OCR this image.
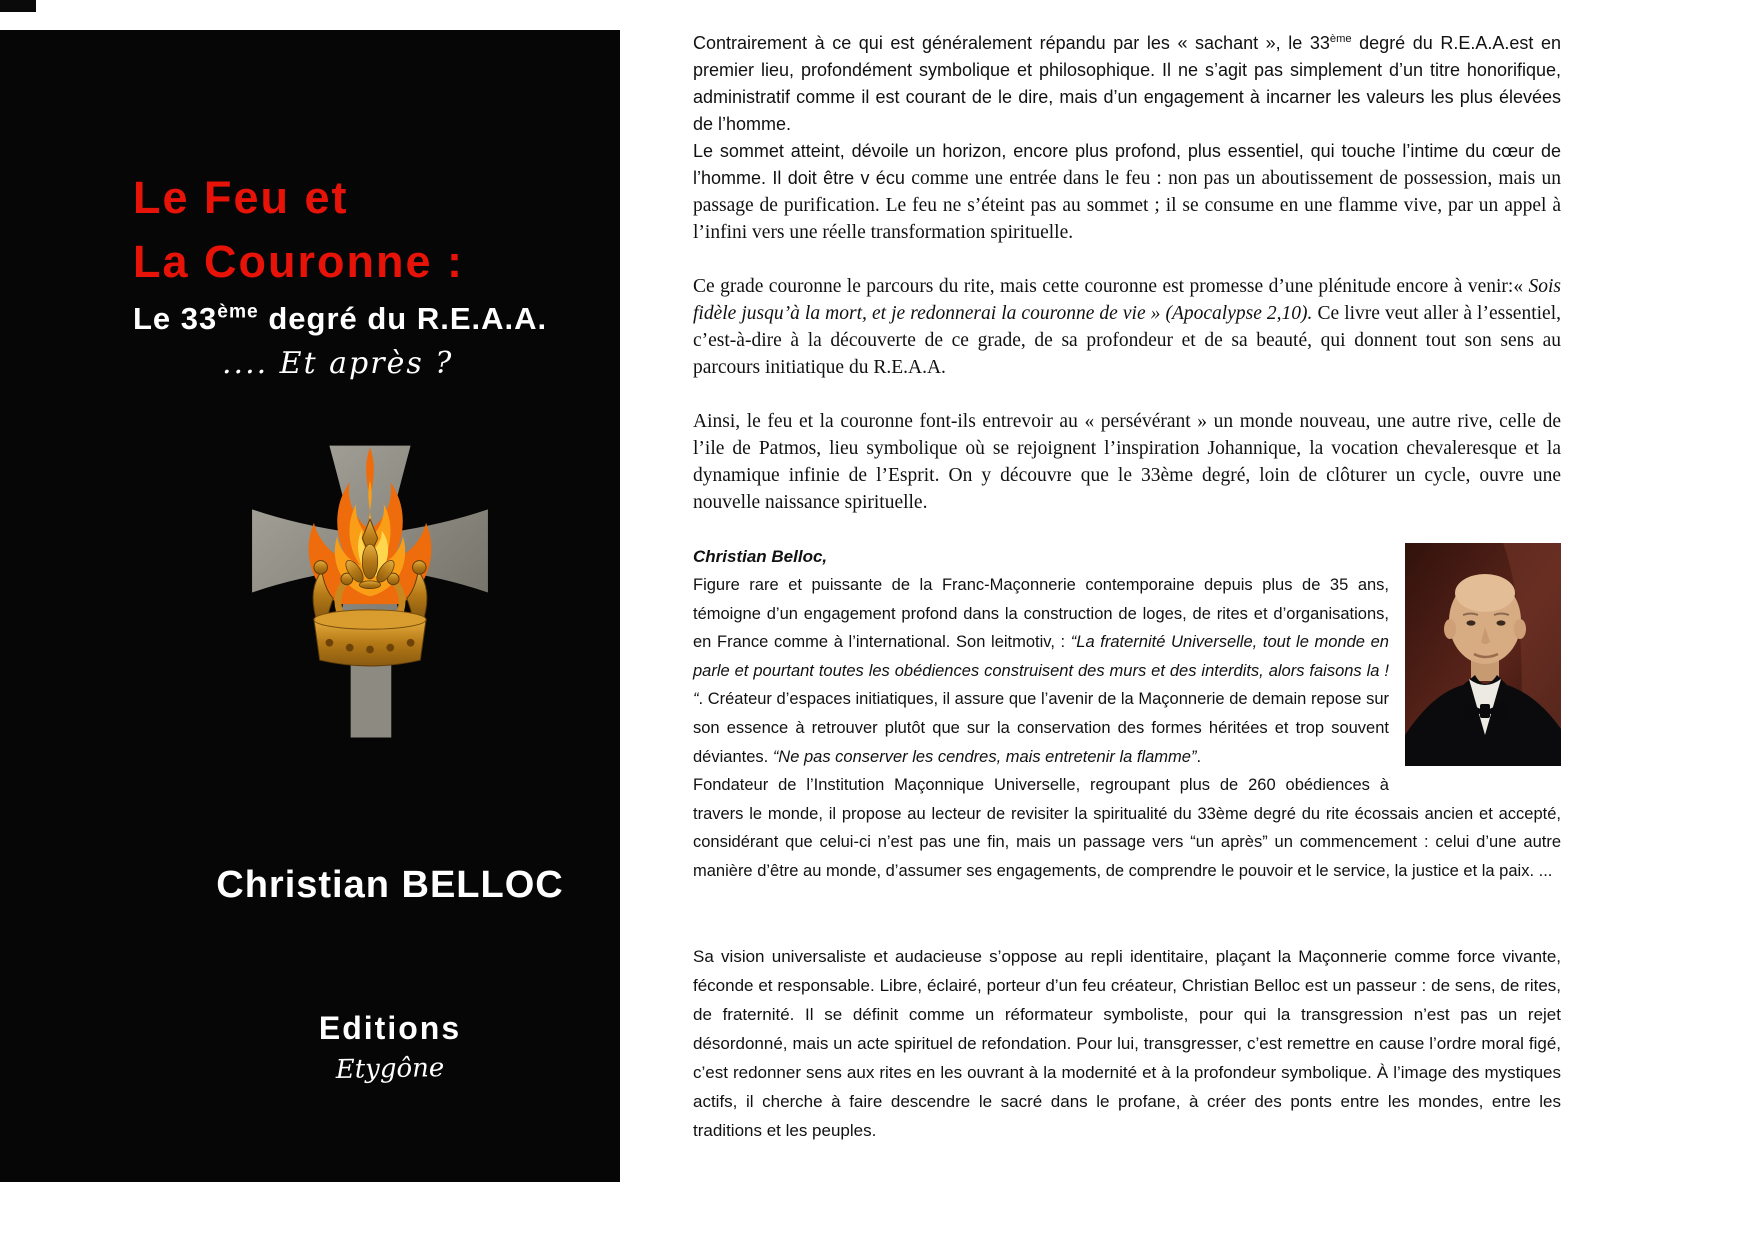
Le Feu et
La Couronne :
Le 33ème degré du R.E.A.A.
.... Et après ?
Christian BELLOC
Editions
Etygône

Contrairement à ce qui est généralement répandu par les « sachant », le 33ème degré du R.E.A.A.est en premier lieu, profondément symbolique et philosophique. Il ne s’agit pas simplement d’un titre honorifique, administratif comme il est courant de le dire, mais d’un engagement à incarner les valeurs les plus élevées de l’homme.
Le sommet atteint, dévoile un horizon, encore plus profond, plus essentiel, qui touche l’intime du cœur de l’homme. Il doit être v écu comme une entrée dans le feu : non pas un aboutissement de possession, mais un passage de purification. Le feu ne s’éteint pas au sommet ; il se consume en une flamme vive, par un appel à l’infini vers une réelle transformation spirituelle.

Ce grade couronne le parcours du rite, mais cette couronne est promesse d’une plénitude encore à venir:« Sois fidèle jusqu’à la mort, et je redonnerai la couronne de vie » (Apocalypse 2,10). Ce livre veut aller à l’essentiel, c’est-à-dire à la découverte de ce grade, de sa profondeur et de sa beauté, qui donnent tout son sens au parcours initiatique du R.E.A.A.

Ainsi, le feu et la couronne font-ils entrevoir au « persévérant » un monde nouveau, une autre rive, celle de l’ile de Patmos, lieu symbolique où se rejoignent l’inspiration Johannique, la vocation chevaleresque et la dynamique infinie de l’Esprit. On y découvre que le 33ème degré, loin de clôturer un cycle, ouvre une nouvelle naissance spirituelle.

Christian Belloc,
Figure rare et puissante de la Franc-Maçonnerie contemporaine depuis plus de 35 ans, témoigne d’un engagement profond dans la construction de loges, de rites et d’organisations, en France comme à l’international. Son leitmotiv, : “La fraternité Universelle, tout le monde en parle et pourtant toutes les obédiences construisent des murs et des interdits, alors faisons la ! “. Créateur d’espaces initiatiques, il assure que l’avenir de la Maçonnerie de demain repose sur son essence à retrouver plutôt que sur la conservation des formes héritées et trop souvent déviantes. “Ne pas conserver les cendres, mais entretenir la flamme”.
Fondateur de l’Institution Maçonnique Universelle, regroupant plus de 260 obédiences à travers le monde, il propose au lecteur de revisiter la spiritualité du 33ème degré du rite écossais ancien et accepté, considérant que celui-ci n’est pas une fin, mais un passage vers “un après” un commencement : celui d’une autre manière d’être au monde, d’assumer ses engagements, de comprendre le pouvoir et le service, la justice et la paix. ...

Sa vision universaliste et audacieuse s’oppose au repli identitaire, plaçant la Maçonnerie comme force vivante, féconde et responsable. Libre, éclairé, porteur d’un feu créateur, Christian Belloc est un passeur : de sens, de rites, de fraternité. Il se définit comme un réformateur symboliste, pour qui la transgression n’est pas un rejet désordonné, mais un acte spirituel de refondation. Pour lui, transgresser, c’est remettre en cause l’ordre moral figé, c’est redonner sens aux rites en les ouvrant à la modernité et à la profondeur symbolique. À l’image des mystiques actifs, il cherche à faire descendre le sacré dans le profane, à créer des ponts entre les mondes, entre les traditions et les peuples.
